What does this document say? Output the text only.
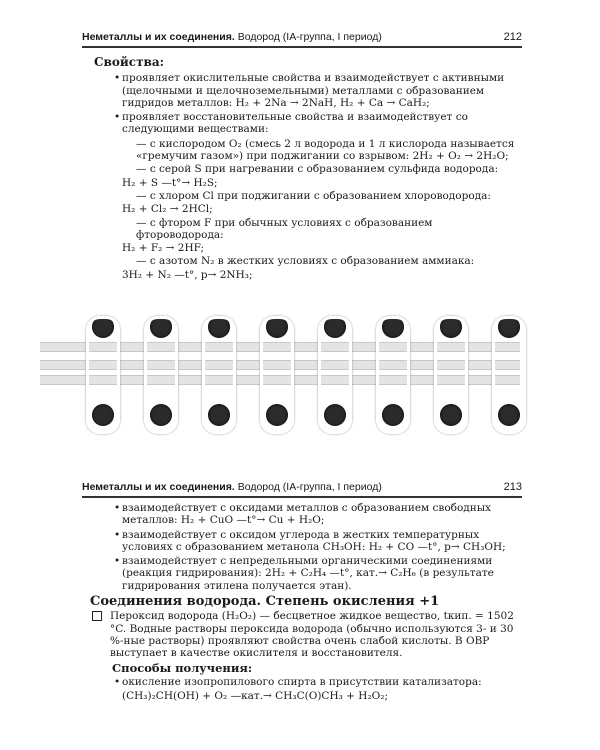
Неметаллы и их соединения. Водород (IA-группа, I период)	212
Свойства:
• проявляет окислительные свойства и взаимодействует с активными (щелочными и щелочноземельными) металлами с образованием гидридов металлов: H₂ + 2Na → 2NaH, H₂ + Ca → CaH₂;
• проявляет восстановительные свойства и взаимодействует со следующими веществами:
— с кислородом O₂ (смесь 2 л водорода и 1 л кислорода называется «гремучим газом») при поджигании со взрывом: 2H₂ + O₂ → 2H₂O;
— с серой S при нагревании с образованием сульфида водорода:
H₂ + S —t°→ H₂S;
— с хлором Cl при поджигании с образованием хлороводорода:
H₂ + Cl₂ → 2HCl;
— с фтором F при обычных условиях с образованием фтороводорода:
H₂ + F₂ → 2HF;
— с азотом N₂ в жестких условиях с образованием аммиака:
3H₂ + N₂ —t°, p→ 2NH₃;
Неметаллы и их соединения. Водород (IA-группа, I период)	213
• взаимодействует с оксидами металлов с образованием свободных металлов: H₂ + CuO —t°→ Cu + H₂O;
• взаимодействует с оксидом углерода в жестких температурных условиях с образованием метанола CH₃OH: H₂ + CO —t°, p→ CH₃OH;
• взаимодействует с непредельными органическими соединениями (реакция гидрирования): 2H₂ + C₂H₄ —t°, кат.→ C₂H₆ (в результате гидрирования этилена получается этан).
Соединения водорода. Степень окисления +1
Пероксид водорода (H₂O₂) — бесцветное жидкое вещество, tкип. = 1502 °C. Водные растворы пероксида водорода (обычно используются 3- и 30 %-ные растворы) проявляют свойства очень слабой кислоты. В ОВР выступает в качестве окислителя и восстановителя.
Способы получения:
• окисление изопропилового спирта в присутствии катализатора:
(CH₃)₂CH(OH) + O₂ —кат.→ CH₃C(O)CH₃ + H₂O₂;
